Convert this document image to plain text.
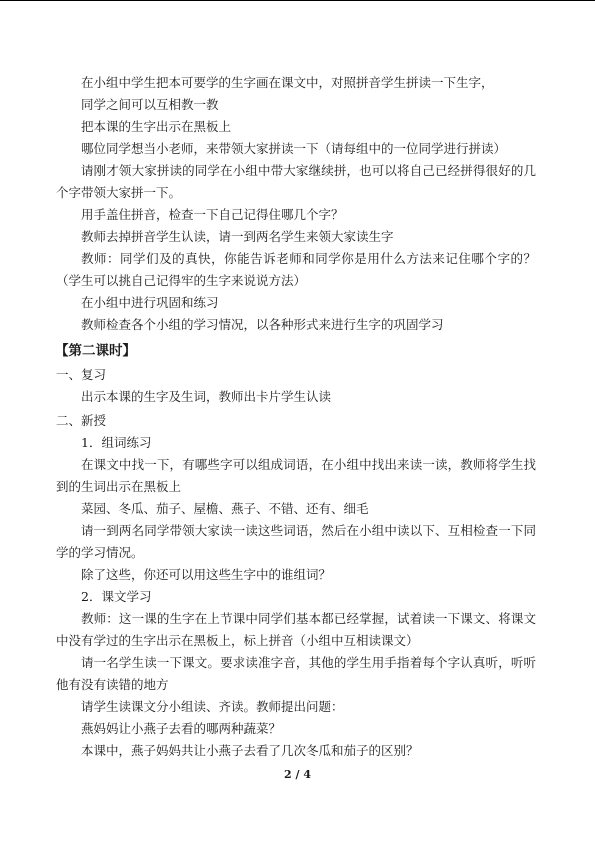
在小组中学生把本可要学的生字画在课文中，对照拼音学生拼读一下生字，

同学之间可以互相教一教

把本课的生字出示在黑板上

哪位同学想当小老师，来带领大家拼读一下（请每组中的一位同学进行拼读）

请刚才领大家拼读的同学在小组中带大家继续拼，也可以将自己已经拼得很好的几个字带领大家拼一下。

用手盖住拼音，检查一下自己记得住哪几个字？

教师去掉拼音学生认读，请一到两名学生来领大家读生字

教师：同学们及的真快，你能告诉老师和同学你是用什么方法来记住哪个字的？（学生可以挑自己记得牢的生字来说说方法）

在小组中进行巩固和练习

教师检查各个小组的学习情况，以各种形式来进行生字的巩固学习

【第二课时】
一、复习

出示本课的生字及生词，教师出卡片学生认读

二、新授

1．组词练习

在课文中找一下，有哪些字可以组成词语，在小组中找出来读一读，教师将学生找到的生词出示在黑板上

菜园、冬瓜、茄子、屋檐、燕子、不错、还有、细毛

请一到两名同学带领大家读一读这些词语，然后在小组中读以下、互相检查一下同学的学习情况。

除了这些，你还可以用这些生字中的谁组词？

2．课文学习

教师：这一课的生字在上节课中同学们基本都已经掌握，试着读一下课文、将课文中没有学过的生字出示在黑板上，标上拼音（小组中互相读课文）

请一名学生读一下课文。要求读准字音，其他的学生用手指着每个字认真听，听听他有没有读错的地方

请学生读课文分小组读、齐读。教师提出问题：

燕妈妈让小燕子去看的哪两种蔬菜？

本课中，燕子妈妈共让小燕子去看了几次冬瓜和茄子的区别？

2 / 4
